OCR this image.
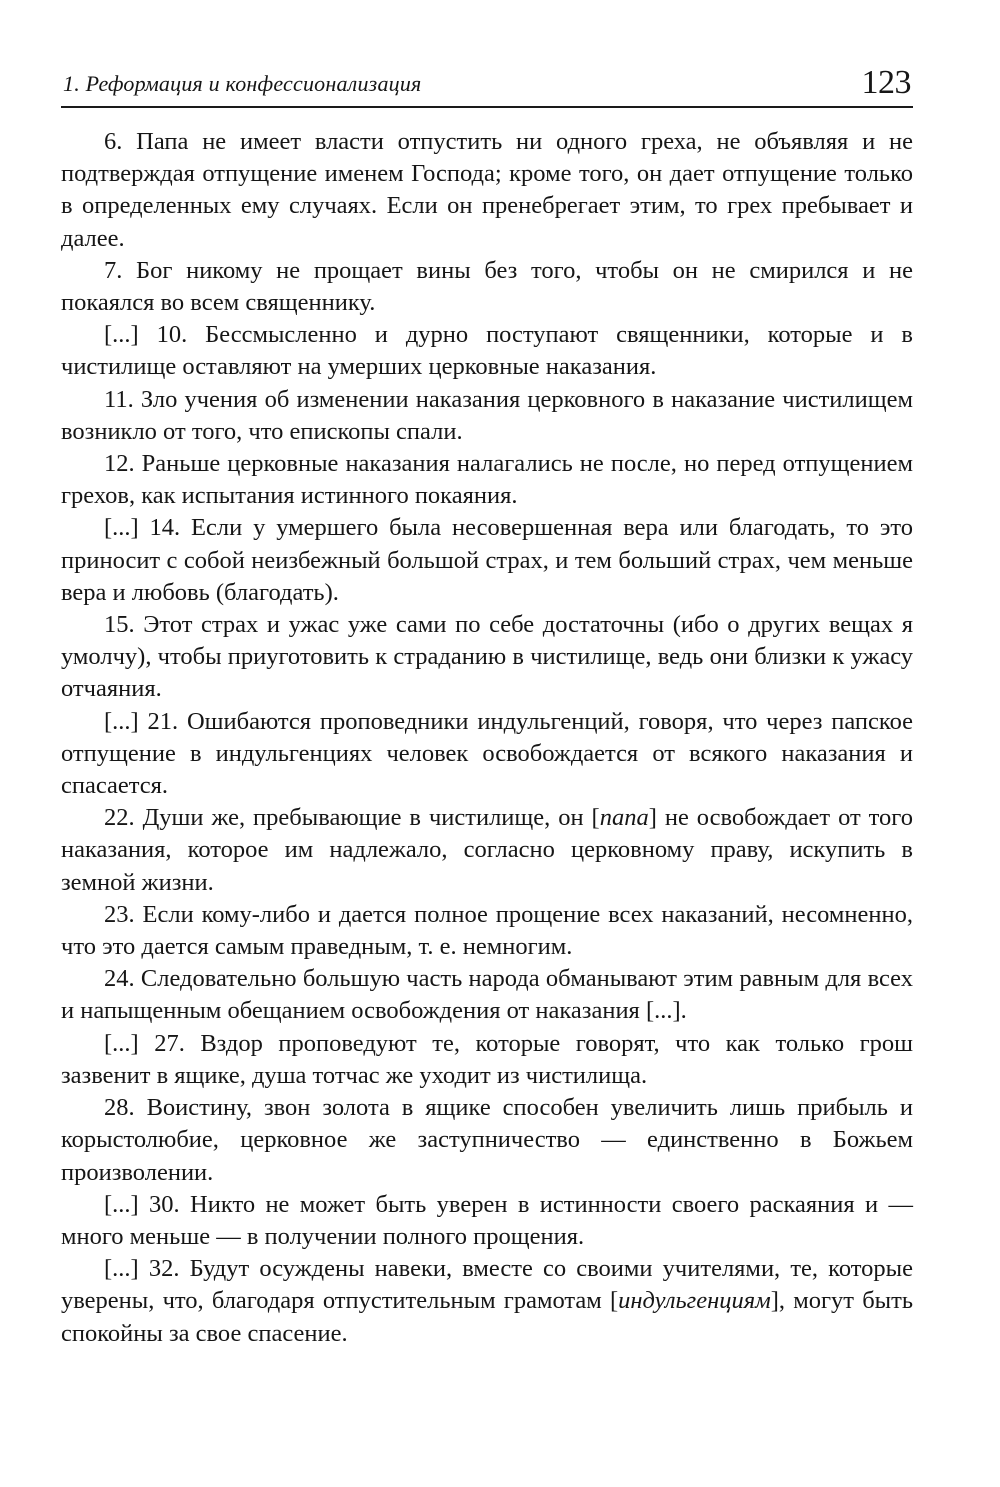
1. Реформация и конфессионализация	123

6. Папа не имеет власти отпустить ни одного греха, не объявляя и не подтверждая отпущение именем Господа; кроме того, он дает отпущение только в определенных ему случаях. Если он пренебрегает этим, то грех пребывает и далее.

7. Бог никому не прощает вины без того, чтобы он не смирился и не покаялся во всем священнику.

[...] 10. Бессмысленно и дурно поступают священники, которые и в чистилище оставляют на умерших церковные наказания.

11. Зло учения об изменении наказания церковного в наказание чистилищем возникло от того, что епископы спали.

12. Раньше церковные наказания налагались не после, но перед отпущением грехов, как испытания истинного покаяния.

[...] 14. Если у умершего была несовершенная вера или благодать, то это приносит с собой неизбежный большой страх, и тем больший страх, чем меньше вера и любовь (благодать).

15. Этот страх и ужас уже сами по себе достаточны (ибо о других вещах я умолчу), чтобы приуготовить к страданию в чистилище, ведь они близки к ужасу отчаяния.

[...] 21. Ошибаются проповедники индульгенций, говоря, что через папское отпущение в индульгенциях человек освобождается от всякого наказания и спасается.

22. Души же, пребывающие в чистилище, он [папа] не освобождает от того наказания, которое им надлежало, согласно церковному праву, искупить в земной жизни.

23. Если кому-либо и дается полное прощение всех наказаний, несомненно, что это дается самым праведным, т. е. немногим.

24. Следовательно большую часть народа обманывают этим равным для всех и напыщенным обещанием освобождения от наказания [...].

[...] 27. Вздор проповедуют те, которые говорят, что как только грош зазвенит в ящике, душа тотчас же уходит из чистилища.

28. Воистину, звон золота в ящике способен увеличить лишь прибыль и корыстолюбие, церковное же заступничество — единственно в Божьем произволении.

[...] 30. Никто не может быть уверен в истинности своего раскаяния и — много меньше — в получении полного прощения.

[...] 32. Будут осуждены навеки, вместе со своими учителями, те, которые уверены, что, благодаря отпустительным грамотам [индульгенциям], могут быть спокойны за свое спасение.
